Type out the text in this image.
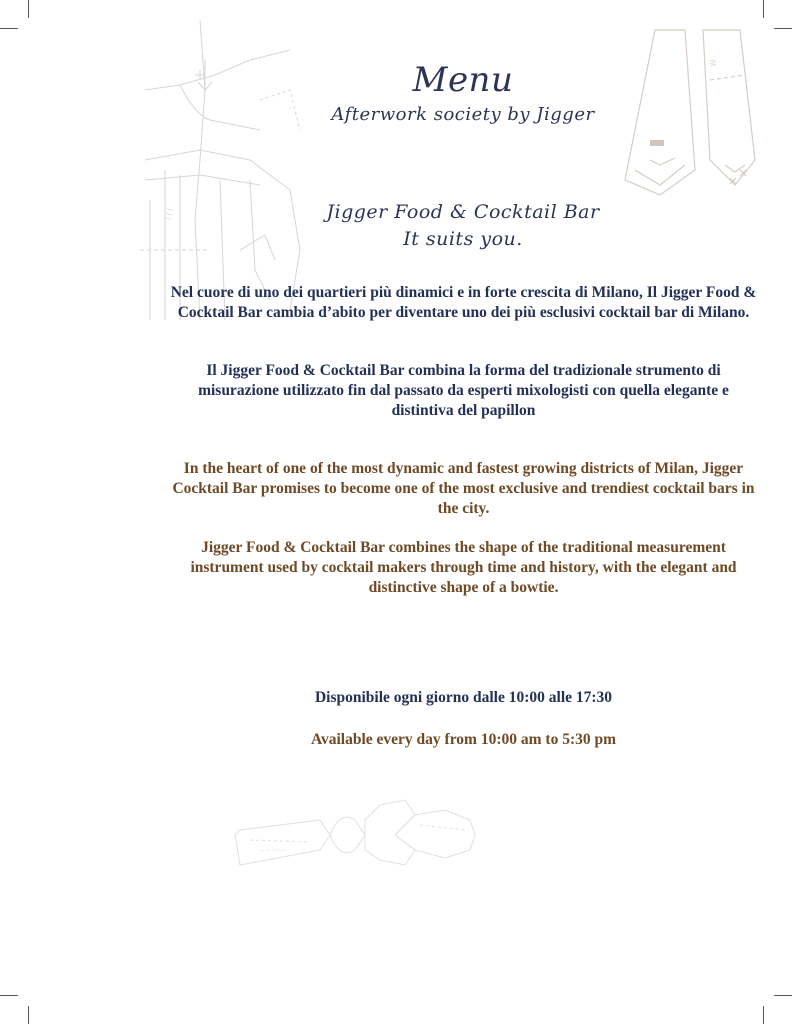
ʃ ʃ ʃ
fit
~~ ~~~
Menu
Afterwork society by Jigger
Jigger Food & Cocktail Bar
It suits you.

Nel cuore di uno dei quartieri più dinamici e in forte crescita di Milano, Il Jigger Food & Cocktail Bar cambia d’abito per diventare uno dei più esclusivi cocktail bar di Milano.

Il Jigger Food & Cocktail Bar combina la forma del tradizionale strumento di misurazione utilizzato fin dal passato da esperti mixologisti con quella elegante e distintiva del papillon

In the heart of one of the most dynamic and fastest growing districts of Milan, Jigger Cocktail Bar promises to become one of the most exclusive and trendiest cocktail bars in the city.

Jigger Food & Cocktail Bar combines the shape of the traditional measurement instrument used by cocktail makers through time and history, with the elegant and distinctive shape of a bowtie.

Disponibile ogni giorno dalle 10:00 alle 17:30
Available every day from 10:00 am to 5:30 pm
